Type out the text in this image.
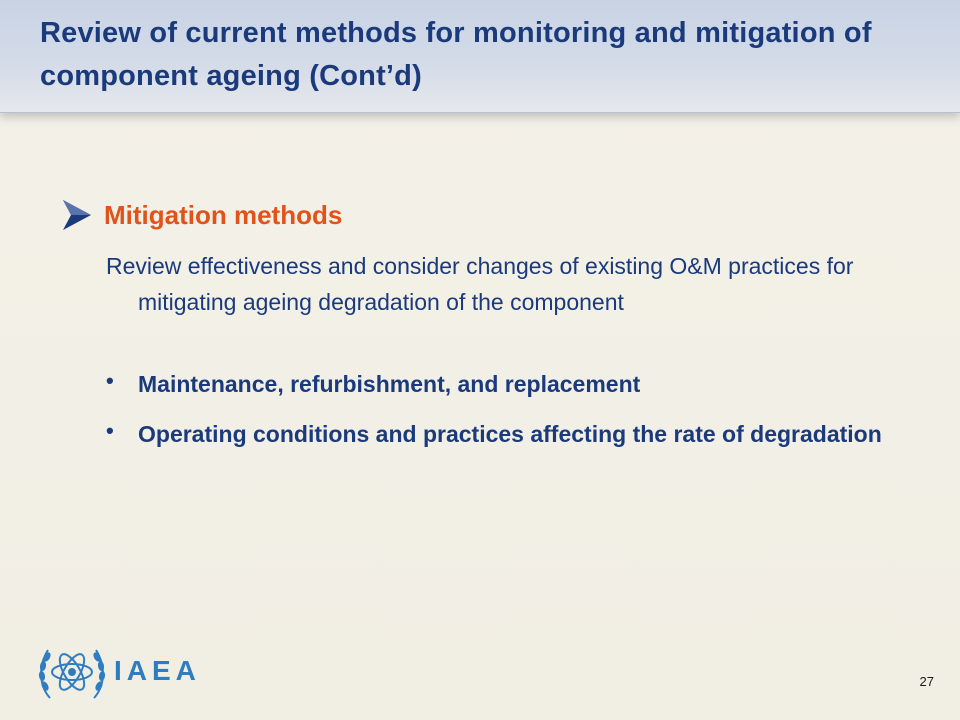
Review of current methods for monitoring and mitigation of component ageing (Cont’d)
Mitigation methods

Review effectiveness and consider changes of existing O&M practices for mitigating ageing degradation of the component

•	Maintenance, refurbishment, and replacement
•	Operating conditions and practices affecting the rate of degradation
IAEA	27
